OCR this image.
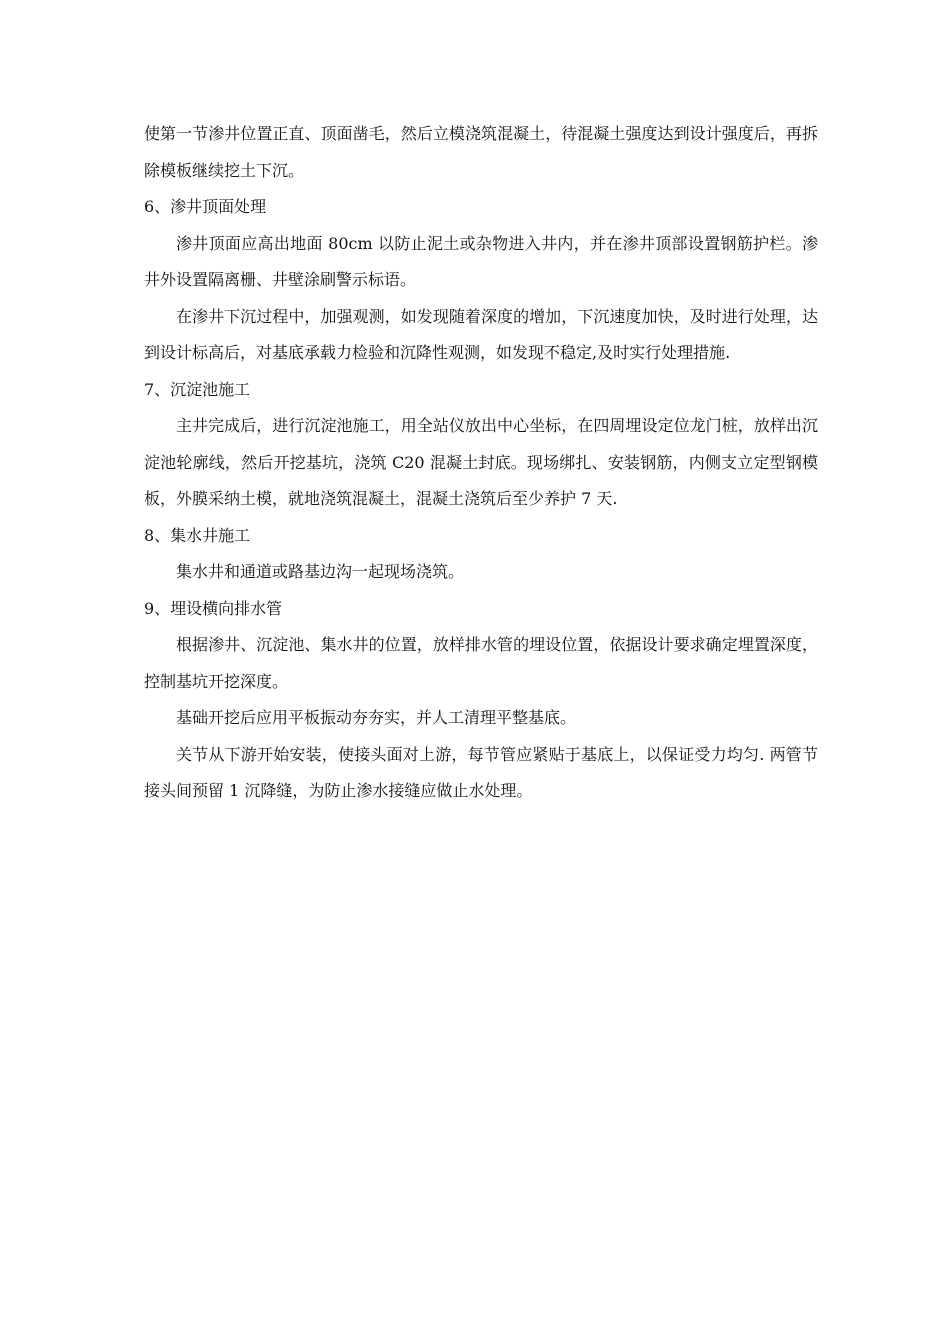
使第一节渗井位置正直、顶面凿毛，然后立模浇筑混凝土，待混凝土强度达到设计强度后，再拆除模板继续挖土下沉。

6、渗井顶面处理

渗井顶面应高出地面 80cm 以防止泥土或杂物进入井内，并在渗井顶部设置钢筋护栏。渗井外设置隔离栅、井壁涂刷警示标语。

在渗井下沉过程中，加强观测，如发现随着深度的增加，下沉速度加快，及时进行处理，达到设计标高后，对基底承载力检验和沉降性观测，如发现不稳定,及时实行处理措施.

7、沉淀池施工

主井完成后，进行沉淀池施工，用全站仪放出中心坐标，在四周埋设定位龙门桩，放样出沉淀池轮廓线，然后开挖基坑，浇筑 C20 混凝土封底。现场绑扎、安装钢筋，内侧支立定型钢模板，外膜采纳土模，就地浇筑混凝土，混凝土浇筑后至少养护 7 天.

8、集水井施工

集水井和通道或路基边沟一起现场浇筑。

9、埋设横向排水管

根据渗井、沉淀池、集水井的位置，放样排水管的埋设位置，依据设计要求确定埋置深度，控制基坑开挖深度。

基础开挖后应用平板振动夯夯实，并人工清理平整基底。

关节从下游开始安装，使接头面对上游，每节管应紧贴于基底上，以保证受力均匀. 两管节接头间预留 1 沉降缝，为防止渗水接缝应做止水处理。
